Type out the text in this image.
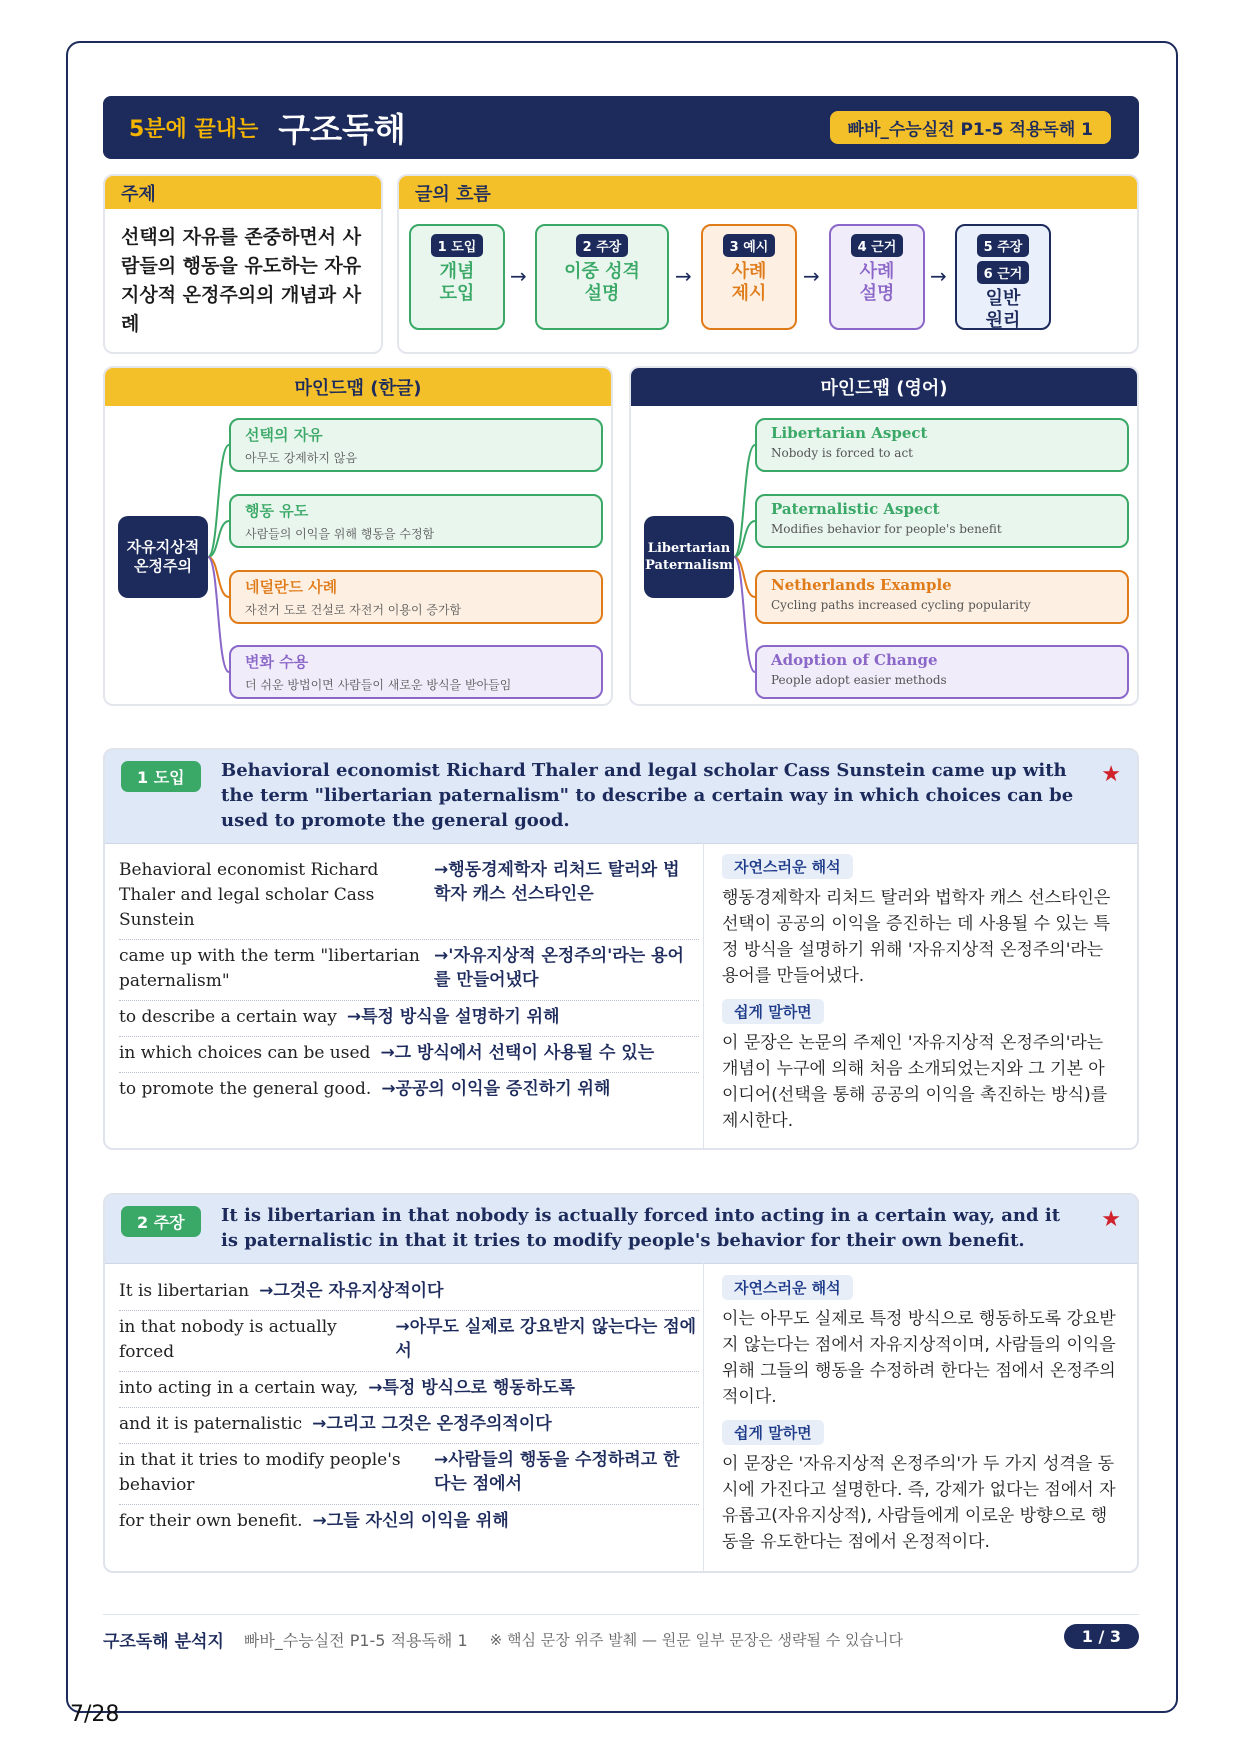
5분에 끝내는 구조독해	빠바_수능실전 P1-5 적용독해 1
주제
선택의 자유를 존중하면서 사람들의 행동을 유도하는 자유지상적 온정주의의 개념과 사례
글의 흐름
1 도입
개념
도입
→
2 주장
이중 성격
설명
→
3 예시
사례
제시
→
4 근거
사례
설명
→
5 주장
6 근거
일반
원리
마인드맵 (한글)
자유지상적
온정주의
선택의 자유
아무도 강제하지 않음
행동 유도
사람들의 이익을 위해 행동을 수정함
네덜란드 사례
자전거 도로 건설로 자전거 이용이 증가함
변화 수용
더 쉬운 방법이면 사람들이 새로운 방식을 받아들임
마인드맵 (영어)
Libertarian
Paternalism
Libertarian Aspect
Nobody is forced to act
Paternalistic Aspect
Modifies behavior for people's benefit
Netherlands Example
Cycling paths increased cycling popularity
Adoption of Change
People adopt easier methods
1 도입	Behavioral economist Richard Thaler and legal scholar Cass Sunstein came up with the term "libertarian paternalism" to describe a certain way in which choices can be used to promote the general good.
★
Behavioral economist Richard Thaler and legal scholar Cass Sunstein
→행동경제학자 리처드 탈러와 법학자 캐스 선스타인은
came up with the term "libertarian paternalism"
→'자유지상적 온정주의'라는 용어를 만들어냈다
to describe a certain way →특정 방식을 설명하기 위해
in which choices can be used →그 방식에서 선택이 사용될 수 있는
to promote the general good. →공공의 이익을 증진하기 위해
자연스러운 해석
행동경제학자 리처드 탈러와 법학자 캐스 선스타인은 선택이 공공의 이익을 증진하는 데 사용될 수 있는 특정 방식을 설명하기 위해 '자유지상적 온정주의'라는 용어를 만들어냈다.
쉽게 말하면
이 문장은 논문의 주제인 '자유지상적 온정주의'라는 개념이 누구에 의해 처음 소개되었는지와 그 기본 아이디어(선택을 통해 공공의 이익을 촉진하는 방식)를 제시한다.
2 주장	It is libertarian in that nobody is actually forced into acting in a certain way, and it is paternalistic in that it tries to modify people's behavior for their own benefit.
★
It is libertarian →그것은 자유지상적이다
in that nobody is actually forced
→아무도 실제로 강요받지 않는다는 점에서
into acting in a certain way, →특정 방식으로 행동하도록
and it is paternalistic →그리고 그것은 온정주의적이다
in that it tries to modify people's behavior
→사람들의 행동을 수정하려고 한다는 점에서
for their own benefit. →그들 자신의 이익을 위해
자연스러운 해석
이는 아무도 실제로 특정 방식으로 행동하도록 강요받지 않는다는 점에서 자유지상적이며, 사람들의 이익을 위해 그들의 행동을 수정하려 한다는 점에서 온정주의적이다.
쉽게 말하면
이 문장은 '자유지상적 온정주의'가 두 가지 성격을 동시에 가진다고 설명한다. 즉, 강제가 없다는 점에서 자유롭고(자유지상적), 사람들에게 이로운 방향으로 행동을 유도한다는 점에서 온정적이다.
구조독해 분석지 빠바_수능실전 P1-5 적용독해 1 ※ 핵심 문장 위주 발췌 — 원문 일부 문장은 생략될 수 있습니다	1 / 3
7/28
